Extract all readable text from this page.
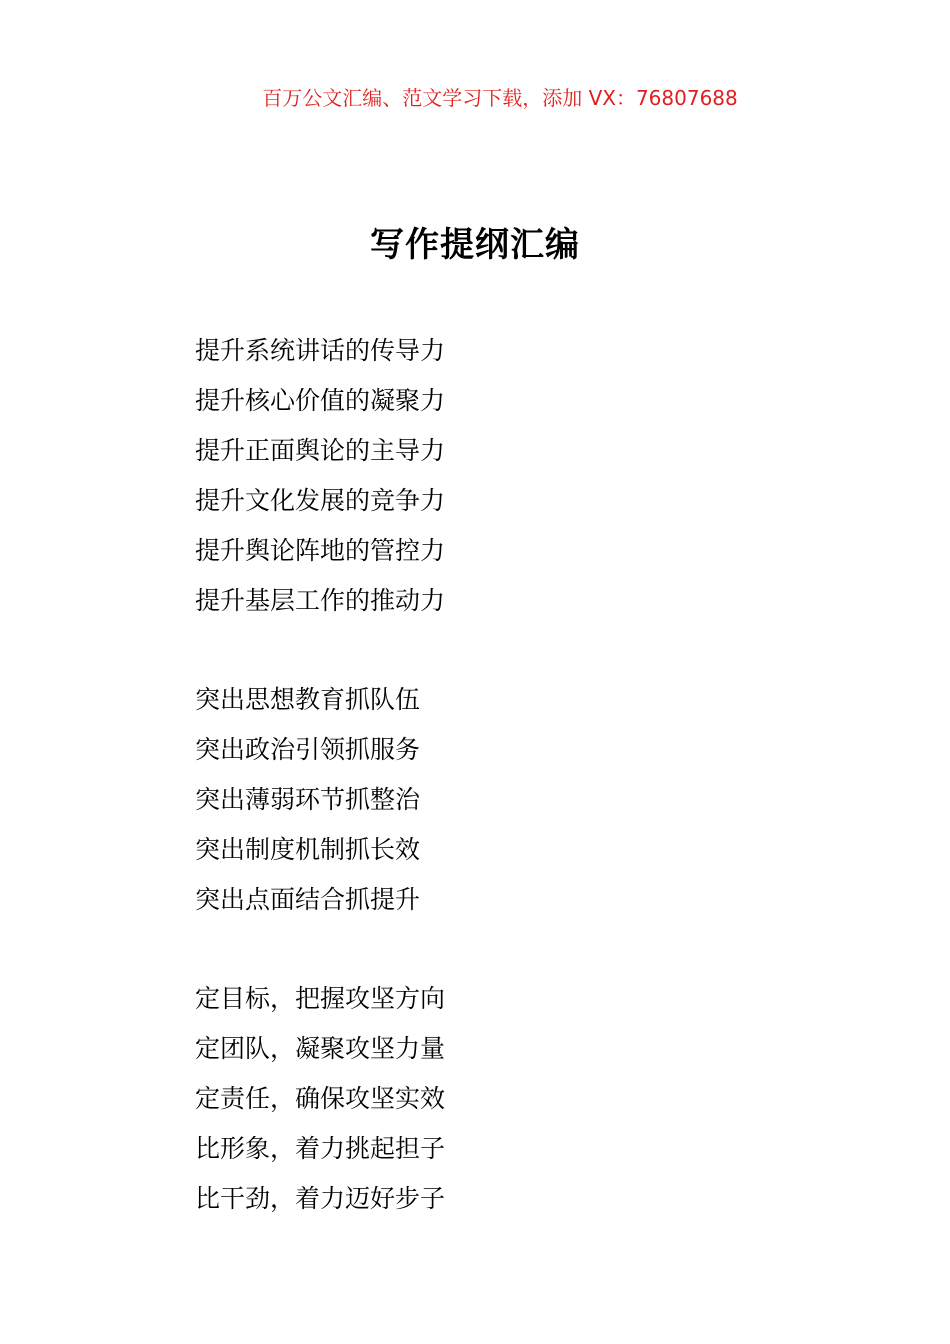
百万公文汇编、范文学习下载，添加 VX：76807688
写作提纲汇编
提升系统讲话的传导力
提升核心价值的凝聚力
提升正面舆论的主导力
提升文化发展的竞争力
提升舆论阵地的管控力
提升基层工作的推动力
突出思想教育抓队伍
突出政治引领抓服务
突出薄弱环节抓整治
突出制度机制抓长效
突出点面结合抓提升
定目标，把握攻坚方向
定团队，凝聚攻坚力量
定责任，确保攻坚实效
比形象，着力挑起担子
比干劲，着力迈好步子
